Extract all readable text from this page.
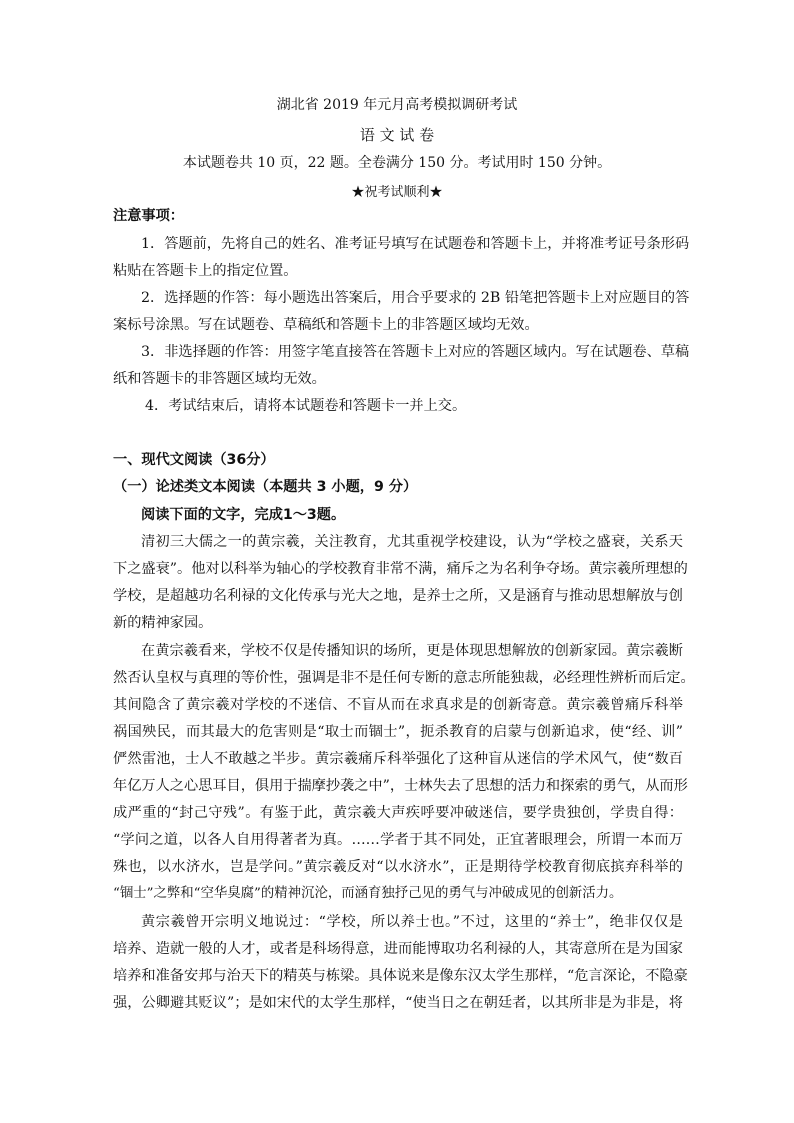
湖北省 2019 年元月高考模拟调研考试
语 文 试 卷
本试题卷共 10 页，22 题。全卷满分 150 分。考试用时 150 分钟。
★祝考试顺利★
注意事项：
1．答题前，先将自己的姓名、准考证号填写在试题卷和答题卡上，并将准考证号条形码
粘贴在答题卡上的指定位置。
2．选择题的作答：每小题选出答案后，用合乎要求的 2B 铅笔把答题卡上对应题目的答
案标号涂黑。写在试题卷、草稿纸和答题卡上的非答题区域均无效。
3．非选择题的作答：用签字笔直接答在答题卡上对应的答题区域内。写在试题卷、草稿
纸和答题卡的非答题区域均无效。
4．考试结束后，请将本试题卷和答题卡一并上交。
一、现代文阅读（36分）
（一）论述类文本阅读（本题共 3 小题，9 分）
阅读下面的文字，完成1～3题。
清初三大儒之一的黄宗羲，关注教育，尤其重视学校建设，认为“学校之盛衰，关系天
下之盛衰”。他对以科举为轴心的学校教育非常不满，痛斥之为名利争夺场。黄宗羲所理想的
学校，是超越功名利禄的文化传承与光大之地，是养士之所，又是涵育与推动思想解放与创
新的精神家园。
在黄宗羲看来，学校不仅是传播知识的场所，更是体现思想解放的创新家园。黄宗羲断
然否认皇权与真理的等价性，强调是非不是任何专断的意志所能独裁，必经理性辨析而后定。
其间隐含了黄宗羲对学校的不迷信、不盲从而在求真求是的创新寄意。黄宗羲曾痛斥科举
祸国殃民，而其最大的危害则是“取士而锢士”，扼杀教育的启蒙与创新追求，使“经、训”
俨然雷池，士人不敢越之半步。黄宗羲痛斥科举强化了这种盲从迷信的学术风气，使“数百
年亿万人之心思耳目，俱用于揣摩抄袭之中”，士林失去了思想的活力和探索的勇气，从而形
成严重的“封己守残”。有鉴于此，黄宗羲大声疾呼要冲破迷信，要学贵独创，学贵自得：
“学问之道，以各人自用得著者为真。……学者于其不同处，正宜著眼理会，所谓一本而万
殊也，以水济水，岂是学问。”黄宗羲反对“以水济水”，正是期待学校教育彻底摈弃科举的
“锢士”之弊和“空华臭腐”的精神沉沦，而涵育独抒己见的勇气与冲破成见的创新活力。
黄宗羲曾开宗明义地说过：“学校，所以养士也。”不过，这里的“养士”，绝非仅仅是
培养、造就一般的人才，或者是科场得意，进而能博取功名利禄的人，其寄意所在是为国家
培养和准备安邦与治天下的精英与栋梁。具体说来是像东汉太学生那样，“危言深论，不隐豪
强，公卿避其贬议”；是如宋代的太学生那样，“使当日之在朝廷者，以其所非是为非是，将
